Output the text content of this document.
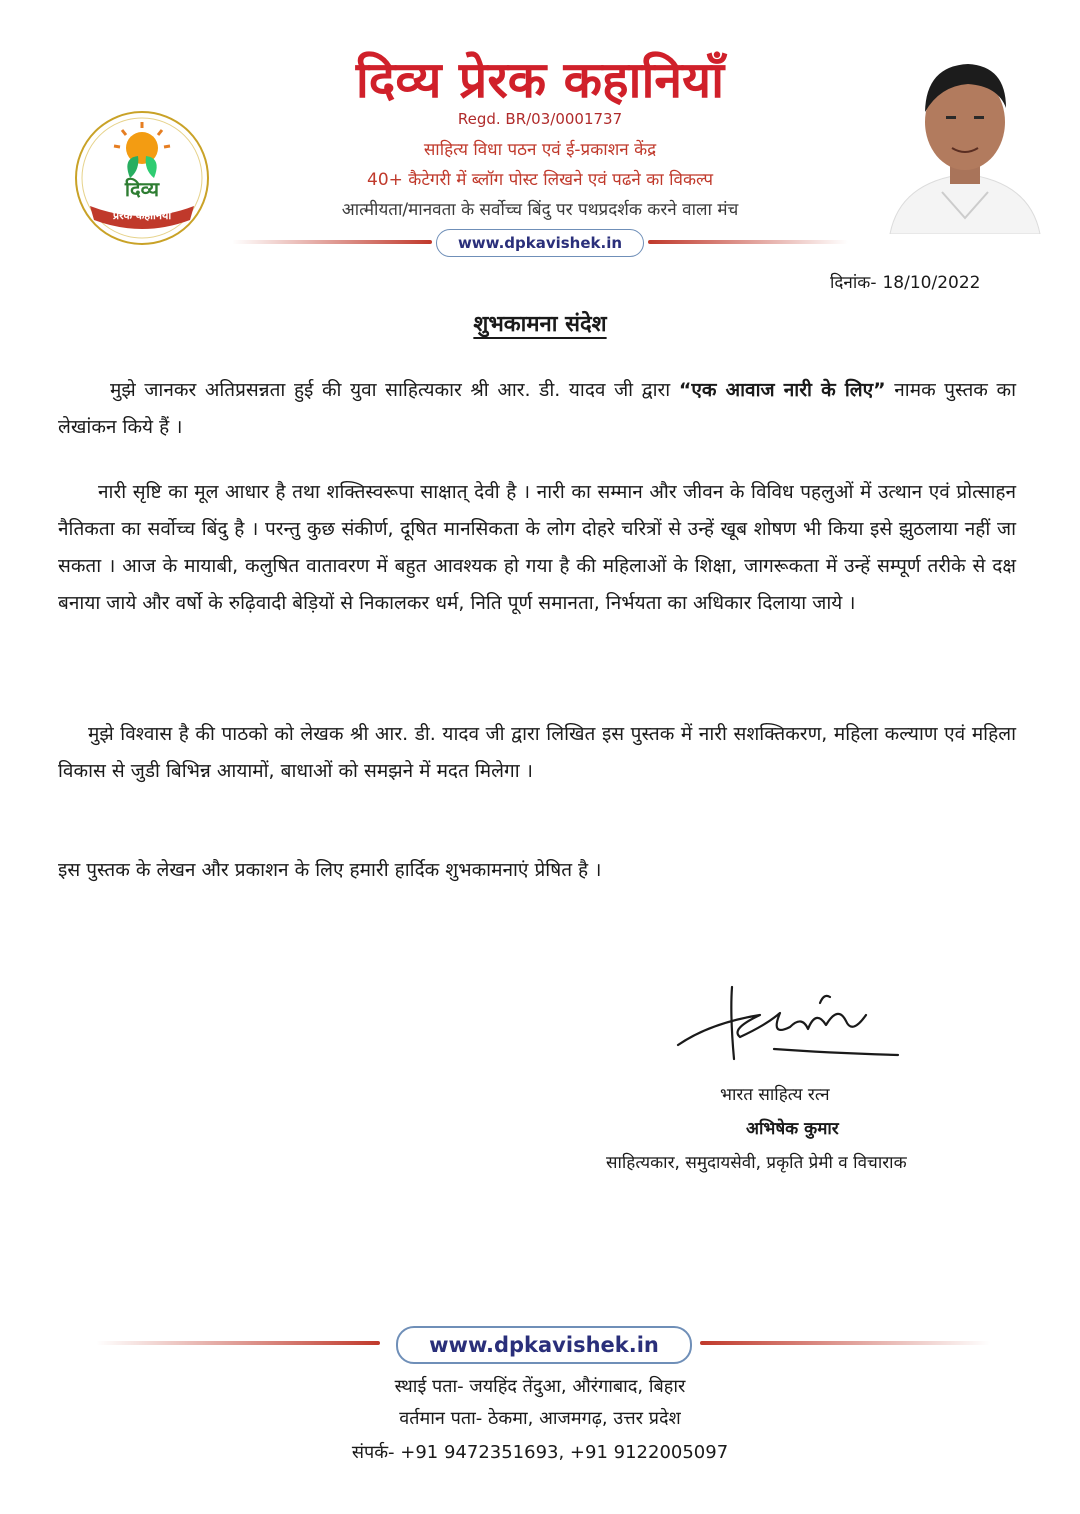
दिव्य
प्रेरक कहानियाँ
दिव्य प्रेरक कहानियाँ
Regd. BR/03/0001737
साहित्य विधा पठन एवं ई-प्रकाशन केंद्र
40+ कैटेगरी में ब्लॉग पोस्ट लिखने एवं पढने का विकल्प
आत्मीयता/मानवता के सर्वोच्च बिंदु पर पथप्रदर्शक करने वाला मंच
www.dpkavishek.in
दिनांक- 18/10/2022
शुभकामना संदेश
मुझे जानकर अतिप्रसन्नता हुई की युवा साहित्यकार श्री आर. डी. यादव जी द्वारा “एक आवाज नारी के लिए” नामक पुस्तक का लेखांकन किये हैं ।
नारी सृष्टि का मूल आधार है तथा शक्तिस्वरूपा साक्षात् देवी है । नारी का सम्मान और जीवन के विविध पहलुओं में उत्थान एवं प्रोत्साहन नैतिकता का सर्वोच्च बिंदु है । परन्तु कुछ संकीर्ण, दूषित मानसिकता के लोग दोहरे चरित्रों से उन्हें खूब शोषण भी किया इसे झुठलाया नहीं जा सकता । आज के मायाबी, कलुषित वातावरण में बहुत आवश्यक हो गया है की महिलाओं के शिक्षा, जागरूकता में उन्हें सम्पूर्ण तरीके से दक्ष बनाया जाये और वर्षो के रुढ़िवादी बेड़ियों से निकालकर धर्म, निति पूर्ण समानता, निर्भयता का अधिकार दिलाया जाये ।
मुझे विश्वास है की पाठको को लेखक श्री आर. डी. यादव जी द्वारा लिखित इस पुस्तक में नारी सशक्तिकरण, महिला कल्याण एवं महिला विकास से जुडी बिभिन्न आयामों, बाधाओं को समझने में मदत मिलेगा ।
इस पुस्तक के लेखन और प्रकाशन के लिए हमारी हार्दिक शुभकामनाएं प्रेषित है ।
भारत साहित्य रत्न
अभिषेक कुमार
साहित्यकार, समुदायसेवी, प्रकृति प्रेमी व विचाराक
www.dpkavishek.in
स्थाई पता- जयहिंद तेंदुआ, औरंगाबाद, बिहार
वर्तमान पता- ठेकमा, आजमगढ़, उत्तर प्रदेश
संपर्क- +91 9472351693, +91 9122005097
